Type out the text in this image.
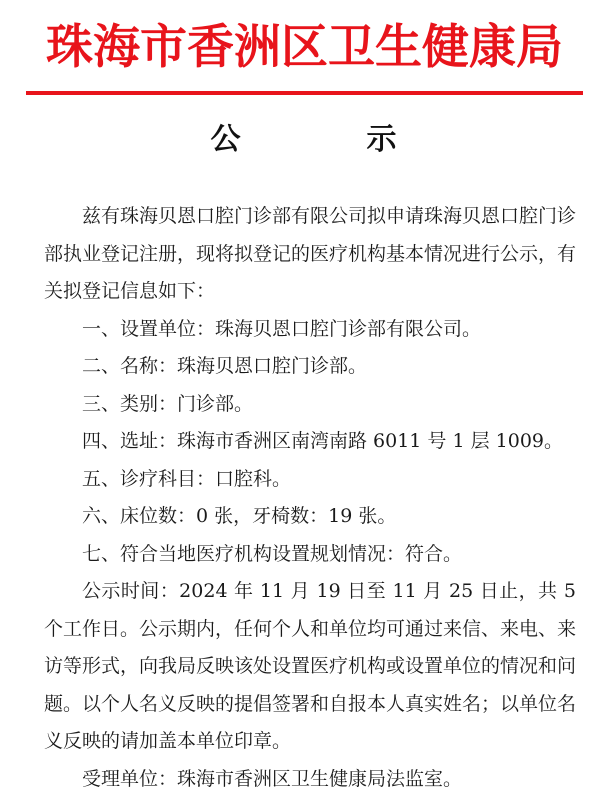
珠海市香洲区卫生健康局
公　示

兹有珠海贝恩口腔门诊部有限公司拟申请珠海贝恩口腔门诊部执业登记注册，现将拟登记的医疗机构基本情况进行公示，有关拟登记信息如下：

一、设置单位：珠海贝恩口腔门诊部有限公司。

二、名称：珠海贝恩口腔门诊部。

三、类别：门诊部。

四、选址：珠海市香洲区南湾南路 6011 号 1 层 1009。

五、诊疗科目：口腔科。

六、床位数：0 张，牙椅数：19 张。

七、符合当地医疗机构设置规划情况：符合。

公示时间：2024 年 11 月 19 日至 11 月 25 日止，共 5 个工作日。公示期内，任何个人和单位均可通过来信、来电、来访等形式，向我局反映该处设置医疗机构或设置单位的情况和问题。以个人名义反映的提倡签署和自报本人真实姓名；以单位名义反映的请加盖本单位印章。

受理单位：珠海市香洲区卫生健康局法监室。
